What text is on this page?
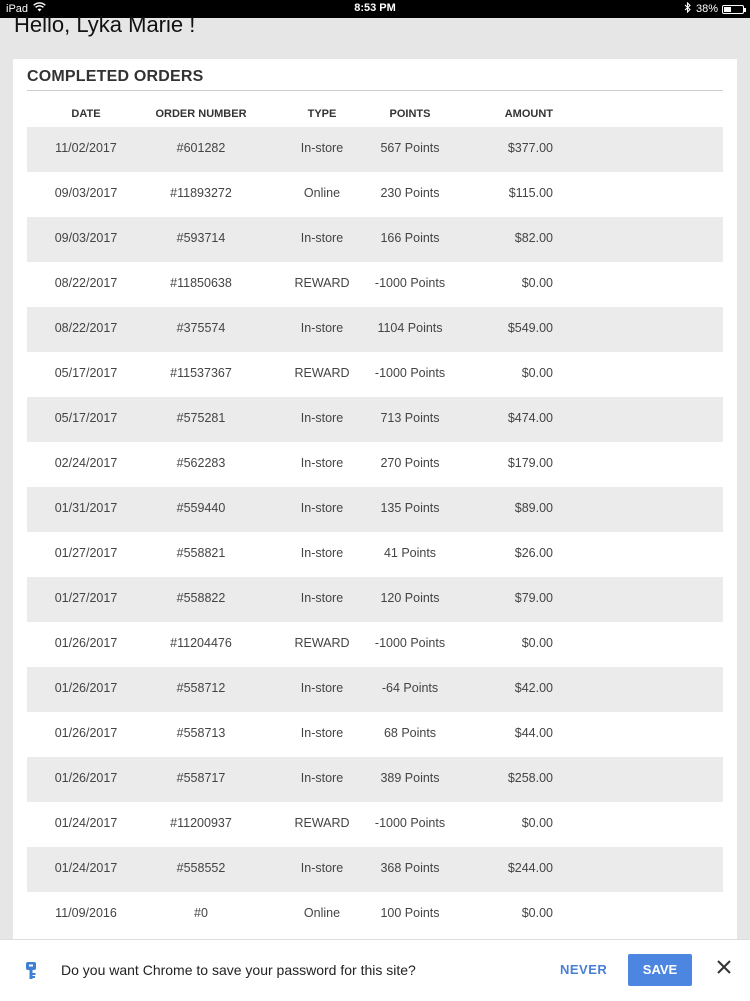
iPad	8:53 PM	38%
Hello, Lyka Marie !
COMPLETED ORDERS
DATE	ORDER NUMBER	TYPE	POINTS	AMOUNT
11/02/2017	#601282	In-store	567 Points	$377.00
09/03/2017	#11893272	Online	230 Points	$115.00
09/03/2017	#593714	In-store	166 Points	$82.00
08/22/2017	#11850638	REWARD	-1000 Points	$0.00
08/22/2017	#375574	In-store	1104 Points	$549.00
05/17/2017	#11537367	REWARD	-1000 Points	$0.00
05/17/2017	#575281	In-store	713 Points	$474.00
02/24/2017	#562283	In-store	270 Points	$179.00
01/31/2017	#559440	In-store	135 Points	$89.00
01/27/2017	#558821	In-store	41 Points	$26.00
01/27/2017	#558822	In-store	120 Points	$79.00
01/26/2017	#11204476	REWARD	-1000 Points	$0.00
01/26/2017	#558712	In-store	-64 Points	$42.00
01/26/2017	#558713	In-store	68 Points	$44.00
01/26/2017	#558717	In-store	389 Points	$258.00
01/24/2017	#11200937	REWARD	-1000 Points	$0.00
01/24/2017	#558552	In-store	368 Points	$244.00
11/09/2016	#0	Online	100 Points	$0.00
Do you want Chrome to save your password for this site?	NEVER	SAVE
